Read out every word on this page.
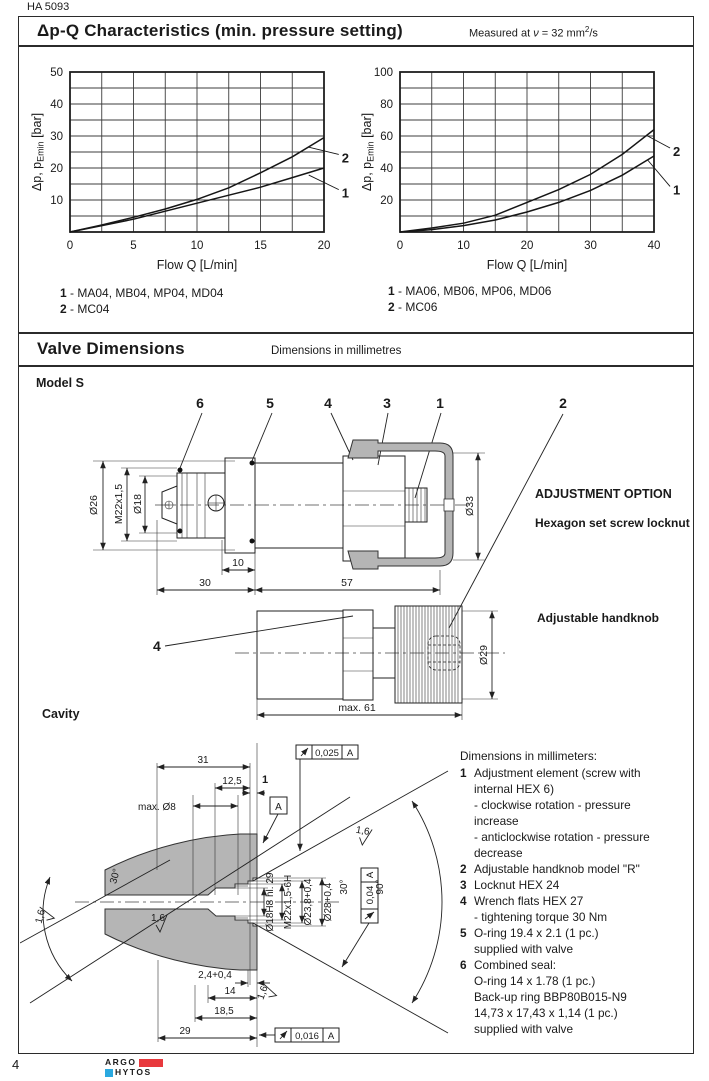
HA 5093
Δp-Q Characteristics (min. pressure setting)	Measured at ν = 32 $mm^2/s$
0	5	10	15	20
10
20
30
40
50
Flow Q [L/min]
Δp, $p_{Emin}$ [bar]
2
1
0	10	20	30	40
20
40
60
80
100
Flow Q [L/min]
Δp, $p_{Emin}$ [bar]
2
1
1 - MA04, MB04, MP04, MD04
2 - MC04
1 - MA06, MB06, MP06, MD06
2 - MC06
Valve Dimensions	Dimensions in millimetres
Model S
6	5	4	3	1	2
Ø26 M22x1,5 Ø18	Ø33
10
30	57
4	Ø29
max. 61
ADJUSTMENT OPTION
Hexagon set screw locknut
Adjustable handknob
Cavity
31
12,5 1
max. Ø8	A
0,025 A
Ø18H8 hl. 29 M22x1,5-6H Ø23,8+0,4 Ø28+0,4 30°
A
0,04 90°
30°
1,6
1,6
1,6
1,6
2,4+0,4
14
18,5
29	0,016 A
Dimensions in millimeters:
1 Adjustment element (screw with
internal HEX 6)
- clockwise rotation - pressure
increase
- anticlockwise rotation - pressure
decrease
2 Adjustable handknob model "R"
3 Locknut HEX 24
4 Wrench flats HEX 27
- tightening torque 30 Nm
5 O-ring 19.4 x 2.1 (1 pc.)
supplied with valve
6 Combined seal:
O-ring 14 x 1.78 (1 pc.)
Back-up ring BBP80B015-N9
14,73 x 17,43 x 1,14 (1 pc.)
supplied with valve
4	ARGO
HYTOS
